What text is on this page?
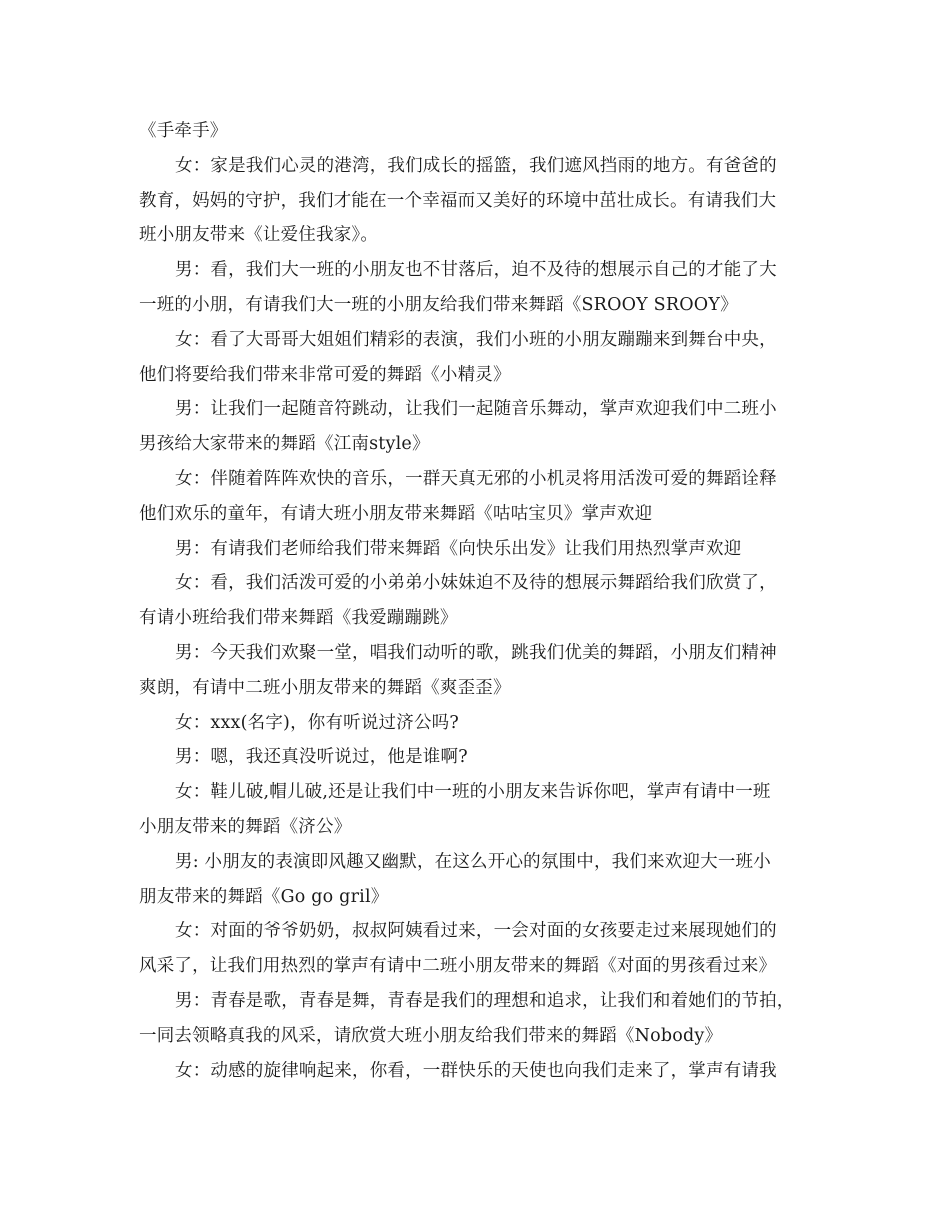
《手牵手》
女：家是我们心灵的港湾，我们成长的摇篮，我们遮风挡雨的地方。有爸爸的
教育，妈妈的守护，我们才能在一个幸福而又美好的环境中茁壮成长。有请我们大
班小朋友带来《让爱住我家》。
男：看，我们大一班的小朋友也不甘落后，迫不及待的想展示自己的才能了大
一班的小朋，有请我们大一班的小朋友给我们带来舞蹈《SROOY SROOY》
女：看了大哥哥大姐姐们精彩的表演，我们小班的小朋友蹦蹦来到舞台中央，
他们将要给我们带来非常可爱的舞蹈《小精灵》
男：让我们一起随音符跳动，让我们一起随音乐舞动，掌声欢迎我们中二班小
男孩给大家带来的舞蹈《江南style》
女：伴随着阵阵欢快的音乐，一群天真无邪的小机灵将用活泼可爱的舞蹈诠释
他们欢乐的童年，有请大班小朋友带来舞蹈《咕咕宝贝》掌声欢迎
男：有请我们老师给我们带来舞蹈《向快乐出发》让我们用热烈掌声欢迎
女：看，我们活泼可爱的小弟弟小妹妹迫不及待的想展示舞蹈给我们欣赏了，
有请小班给我们带来舞蹈《我爱蹦蹦跳》
男：今天我们欢聚一堂，唱我们动听的歌，跳我们优美的舞蹈，小朋友们精神
爽朗，有请中二班小朋友带来的舞蹈《爽歪歪》
女：xxx(名字)，你有听说过济公吗?
男：嗯，我还真没听说过，他是谁啊?
女：鞋儿破,帽儿破,还是让我们中一班的小朋友来告诉你吧，掌声有请中一班
小朋友带来的舞蹈《济公》
男: 小朋友的表演即风趣又幽默，在这么开心的氛围中，我们来欢迎大一班小
朋友带来的舞蹈《Go go gril》
女：对面的爷爷奶奶，叔叔阿姨看过来，一会对面的女孩要走过来展现她们的
风采了，让我们用热烈的掌声有请中二班小朋友带来的舞蹈《对面的男孩看过来》
男：青春是歌，青春是舞，青春是我们的理想和追求，让我们和着她们的节拍，
一同去领略真我的风采，请欣赏大班小朋友给我们带来的舞蹈《Nobody》
女：动感的旋律响起来，你看，一群快乐的天使也向我们走来了，掌声有请我
